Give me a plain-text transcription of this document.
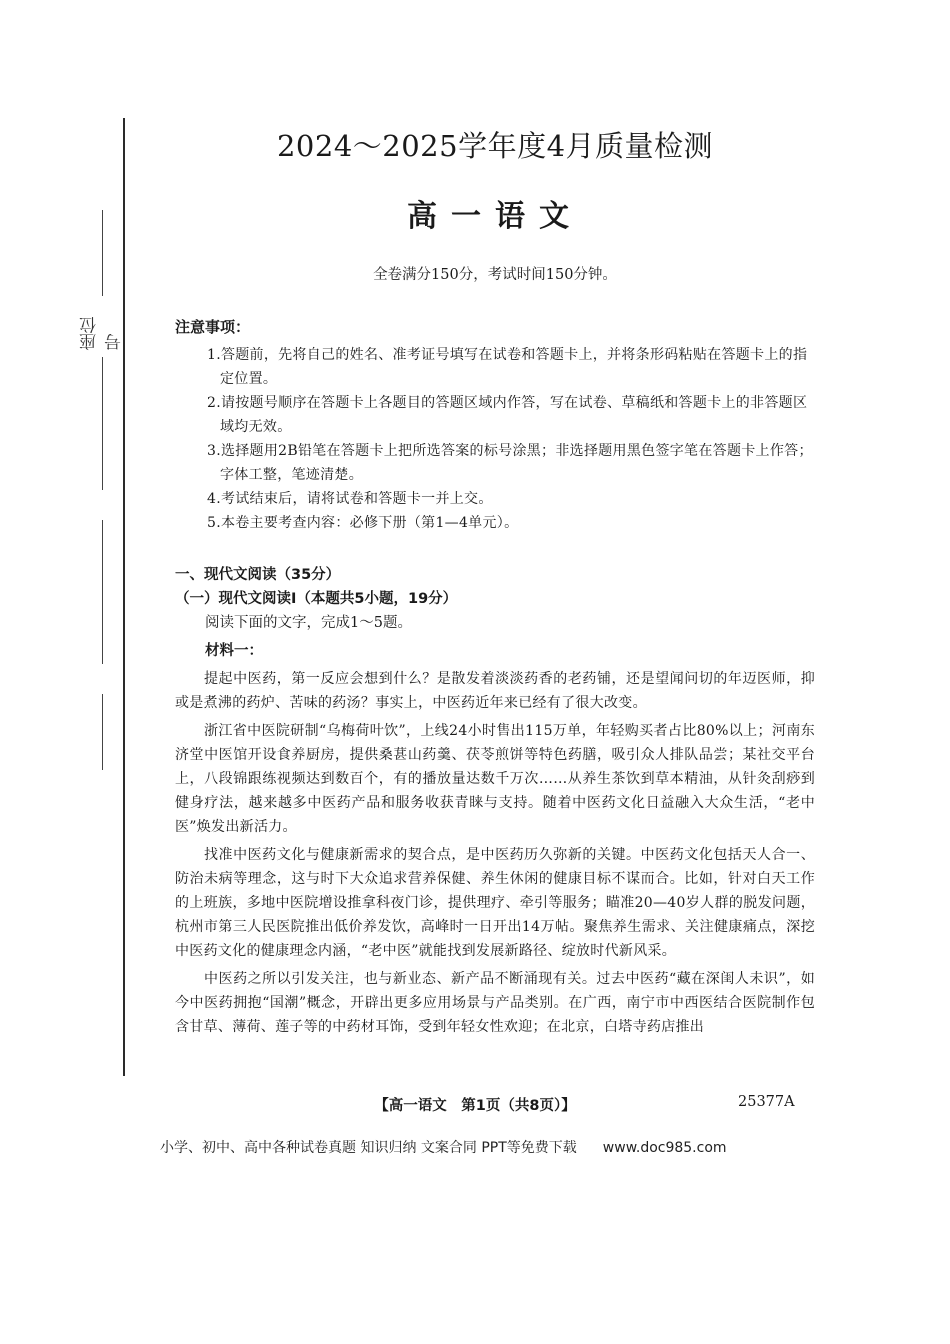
座位号
2024～2025学年度4月质量检测
高一语文
全卷满分150分，考试时间150分钟。
注意事项：
1.答题前，先将自己的姓名、准考证号填写在试卷和答题卡上，并将条形码粘贴在答题卡上的指定位置。
2.请按题号顺序在答题卡上各题目的答题区域内作答，写在试卷、草稿纸和答题卡上的非答题区域均无效。
3.选择题用2B铅笔在答题卡上把所选答案的标号涂黑；非选择题用黑色签字笔在答题卡上作答；字体工整，笔迹清楚。
4.考试结束后，请将试卷和答题卡一并上交。
5.本卷主要考查内容：必修下册（第1—4单元）。
一、现代文阅读（35分）
（一）现代文阅读Ⅰ（本题共5小题，19分）
阅读下面的文字，完成1～5题。
材料一：

提起中医药，第一反应会想到什么？是散发着淡淡药香的老药铺，还是望闻问切的年迈医师，抑或是煮沸的药炉、苦味的药汤？事实上，中医药近年来已经有了很大改变。

浙江省中医院研制“乌梅荷叶饮”，上线24小时售出115万单，年轻购买者占比80%以上；河南东济堂中医馆开设食养厨房，提供桑葚山药羹、茯苓煎饼等特色药膳，吸引众人排队品尝；某社交平台上，八段锦跟练视频达到数百个，有的播放量达数千万次……从养生茶饮到草本精油，从针灸刮痧到健身疗法，越来越多中医药产品和服务收获青睐与支持。随着中医药文化日益融入大众生活，“老中医”焕发出新活力。

找准中医药文化与健康新需求的契合点，是中医药历久弥新的关键。中医药文化包括天人合一、防治未病等理念，这与时下大众追求营养保健、养生休闲的健康目标不谋而合。比如，针对白天工作的上班族，多地中医院增设推拿科夜门诊，提供理疗、牵引等服务；瞄准20—40岁人群的脱发问题，杭州市第三人民医院推出低价养发饮，高峰时一日开出14万帖。聚焦养生需求、关注健康痛点，深挖中医药文化的健康理念内涵，“老中医”就能找到发展新路径、绽放时代新风采。

中医药之所以引发关注，也与新业态、新产品不断涌现有关。过去中医药“藏在深闺人未识”，如今中医药拥抱“国潮”概念，开辟出更多应用场景与产品类别。在广西，南宁市中西医结合医院制作包含甘草、薄荷、莲子等的中药材耳饰，受到年轻女性欢迎；在北京，白塔寺药店推出

【高一语文　第1页（共8页）】	25377A
小学、初中、高中各种试卷真题 知识归纳 文案合同 PPT等免费下载 www.doc985.com
